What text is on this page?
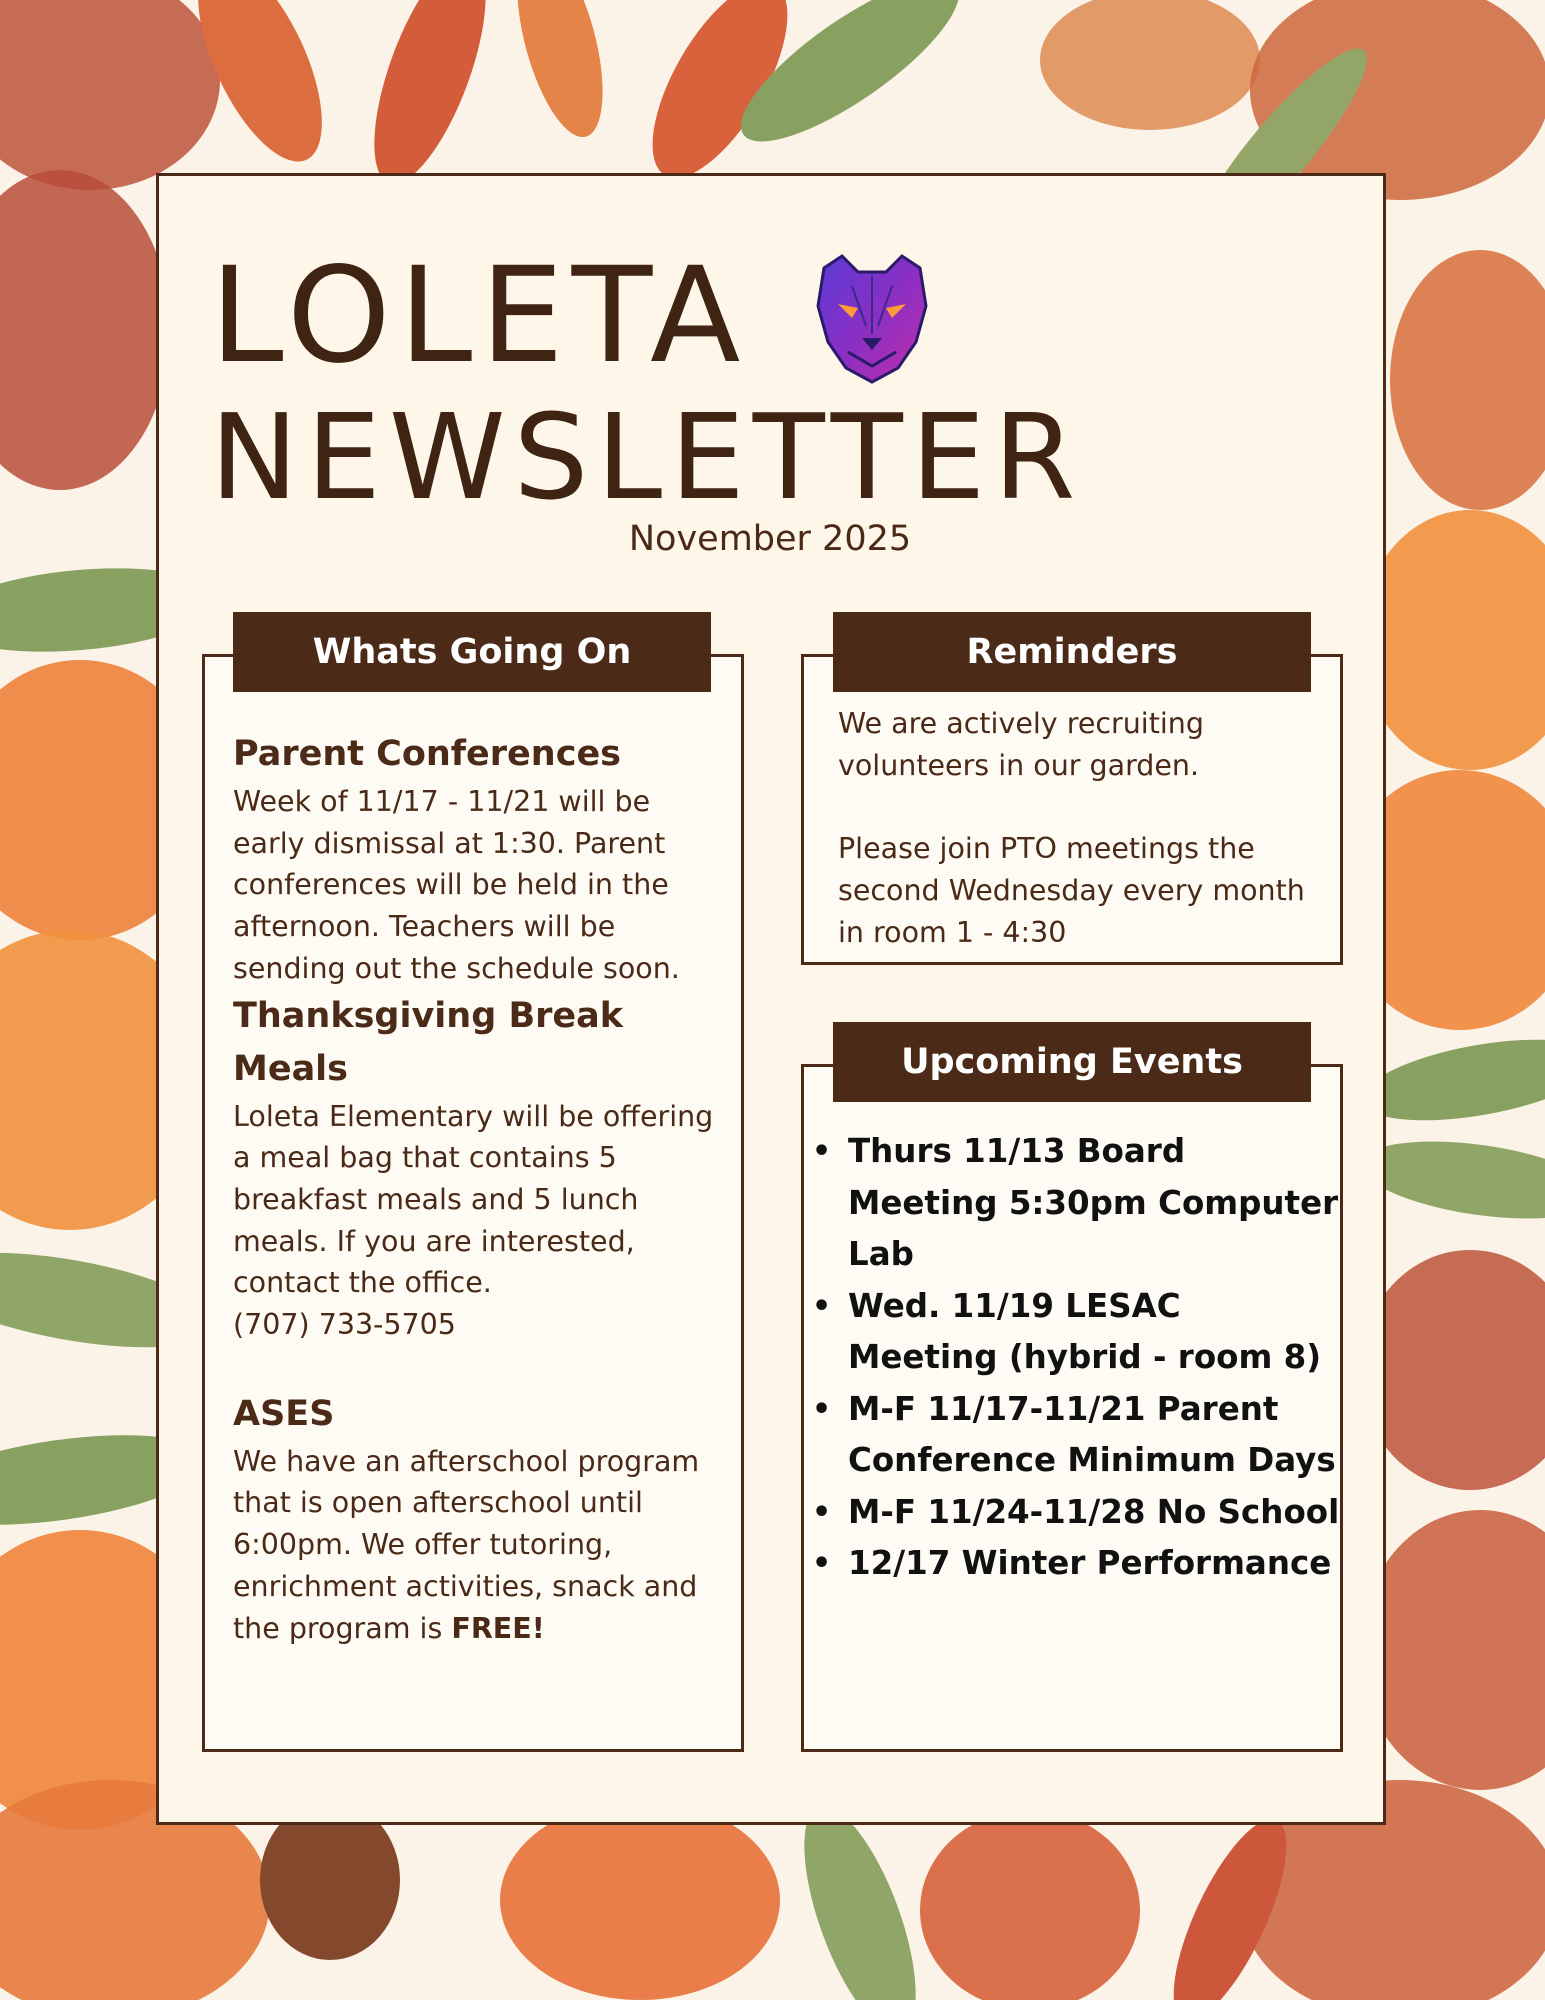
LOLETA
NEWSLETTER
November 2025
Whats Going On

Parent Conferences

Week of 11/17 - 11/21 will be early dismissal at 1:30. Parent conferences will be held in the afternoon. Teachers will be sending out the schedule soon.

Thanksgiving Break Meals

Loleta Elementary will be offering a meal bag that contains 5 breakfast meals and 5 lunch meals. If you are interested, contact the office.

(707) 733-5705

ASES

We have an afterschool program that is open afterschool until 6:00pm. We offer tutoring, enrichment activities, snack and the program is FREE!

Reminders

We are actively recruiting volunteers in our garden.

Please join PTO meetings the second Wednesday every month in room 1 - 4:30

Upcoming Events
• Thurs 11/13 Board Meeting 5:30pm Computer Lab
• Wed. 11/19 LESAC Meeting (hybrid - room 8)
• M-F 11/17-11/21 Parent Conference Minimum Days
• M-F 11/24-11/28 No School
• 12/17 Winter Performance
